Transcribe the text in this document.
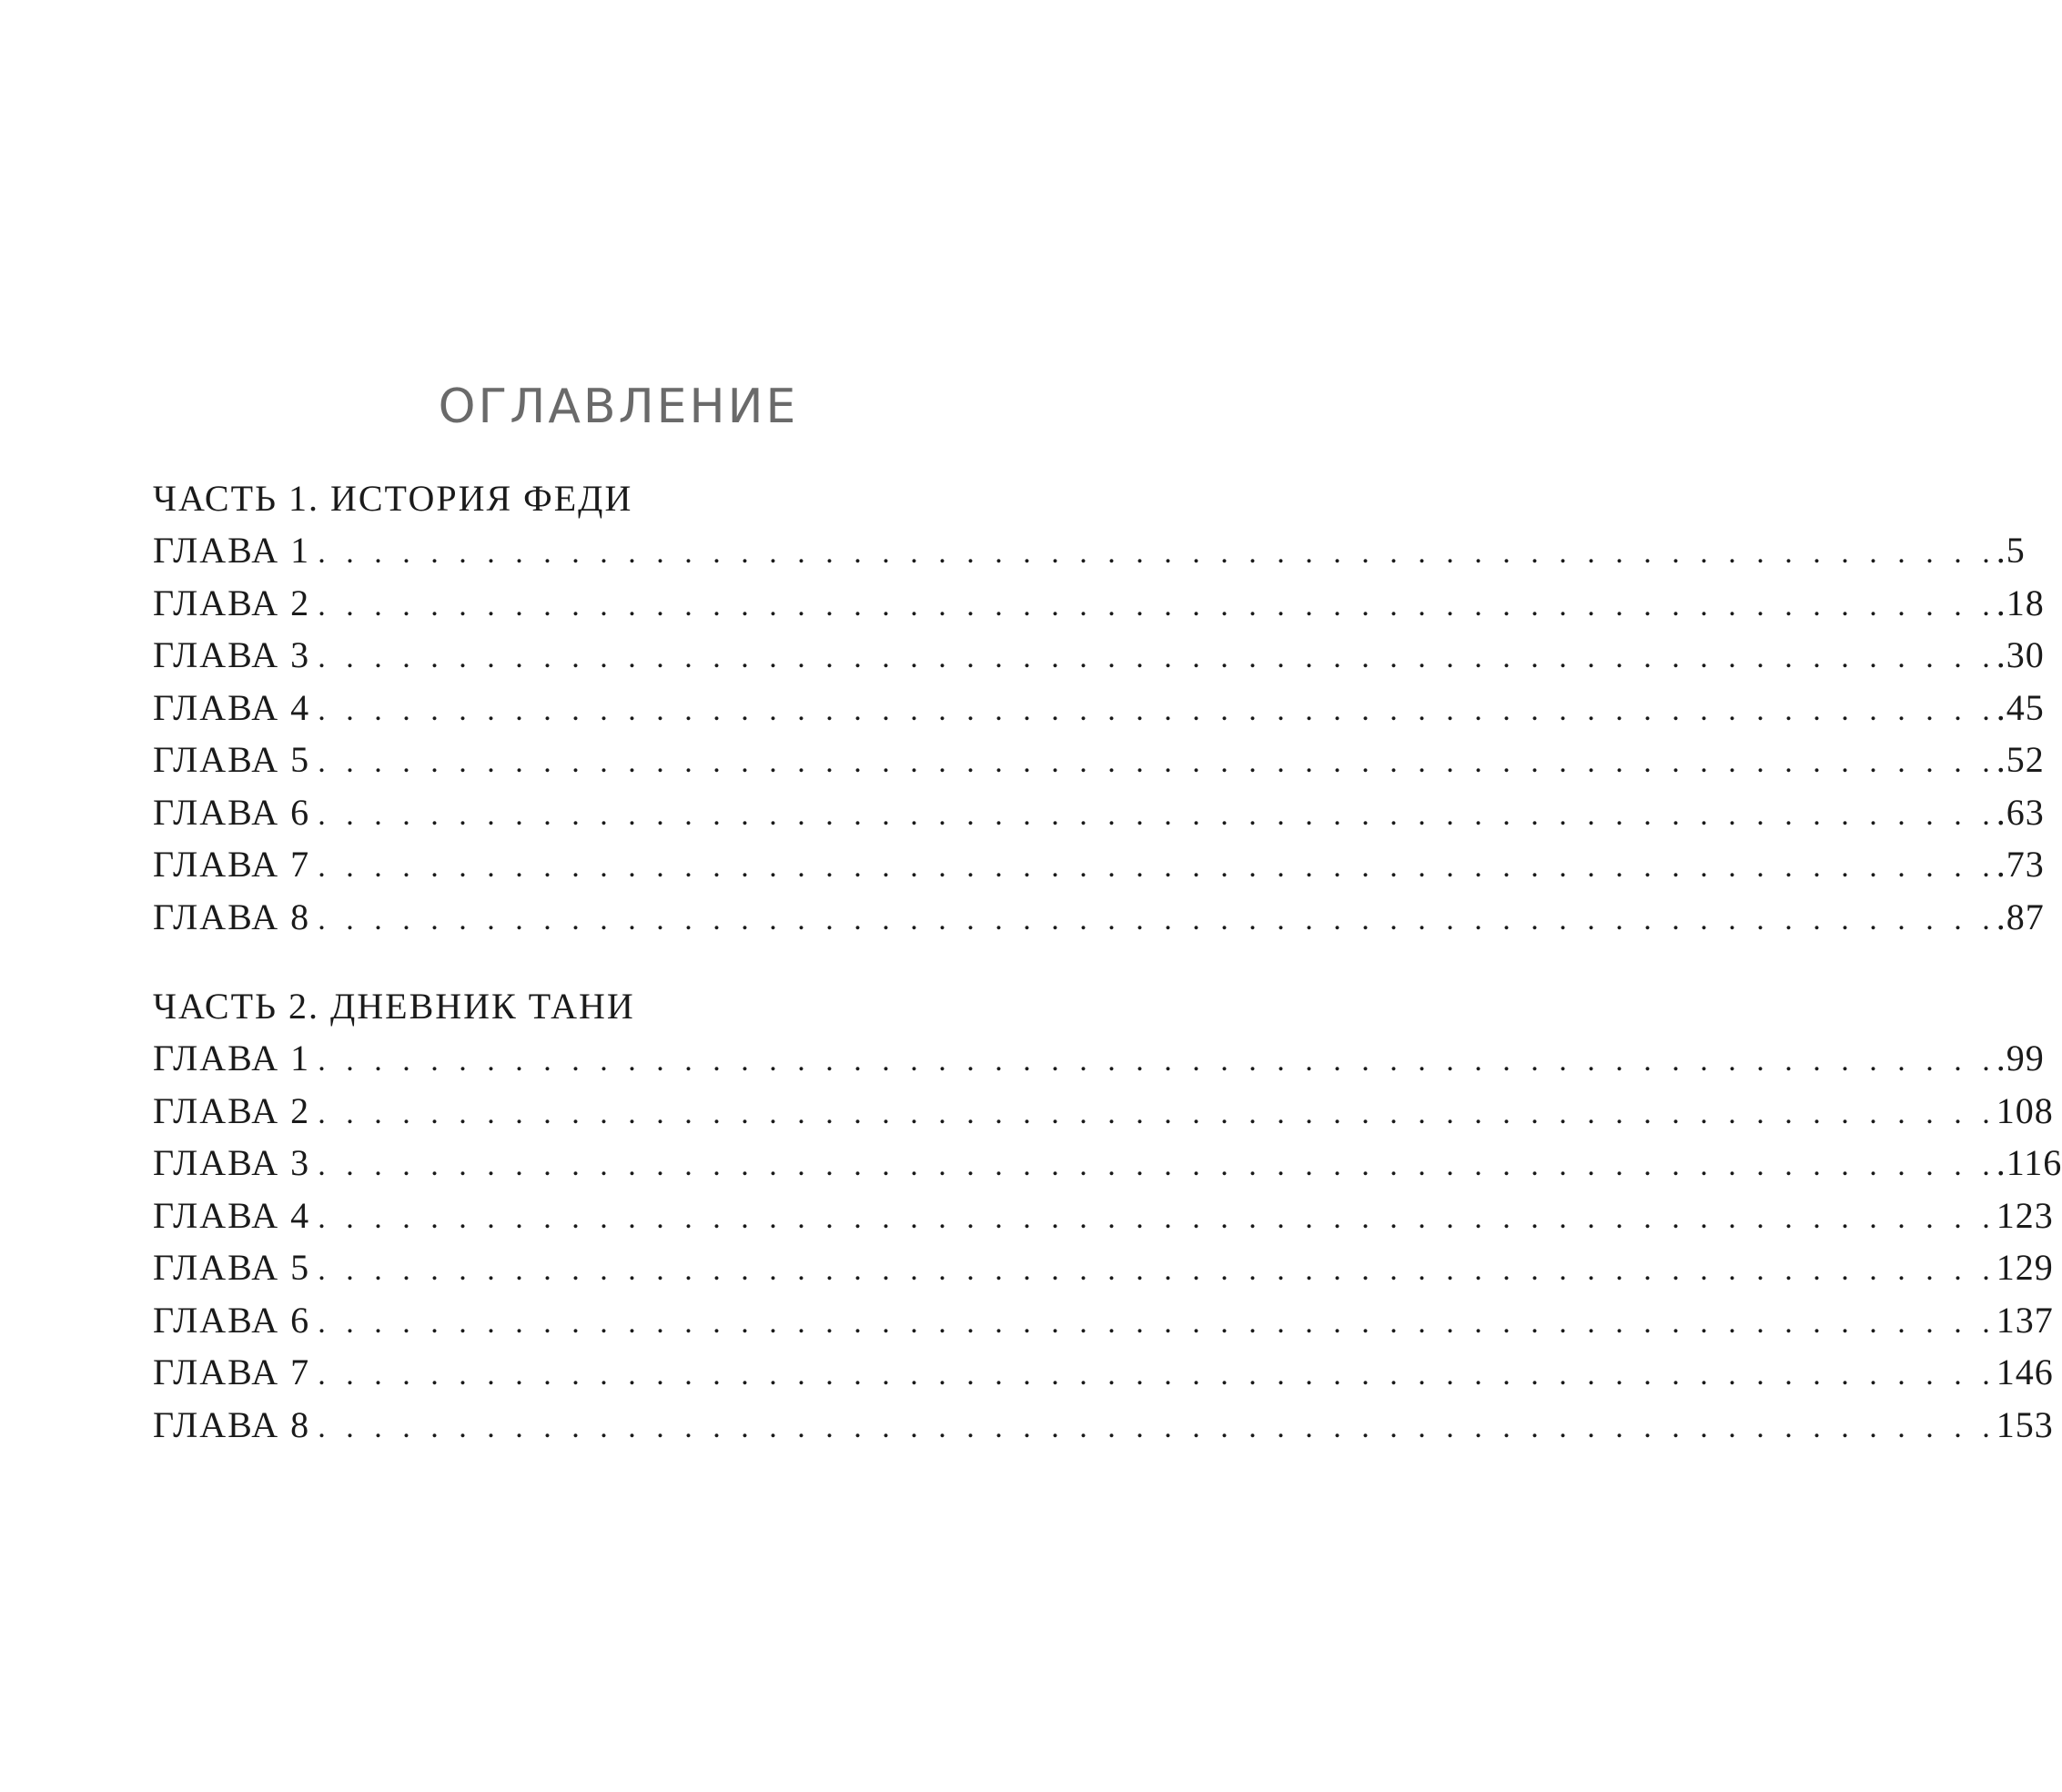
ОГЛАВЛЕНИЕ
ЧАСТЬ 1. ИСТОРИЯ ФЕДИ
ГЛАВА 1 . . . . . . . . . . . . . . . . . . . . . . . . . . . . . . . . . . . . . . . . . . . . . . . . . . . . . . . . . . . . .5
ГЛАВА 2 . . . . . . . . . . . . . . . . . . . . . . . . . . . . . . . . . . . . . . . . . . . . . . . . . . . . . . . . . . . . .18
ГЛАВА 3 . . . . . . . . . . . . . . . . . . . . . . . . . . . . . . . . . . . . . . . . . . . . . . . . . . . . . . . . . . . . .30
ГЛАВА 4 . . . . . . . . . . . . . . . . . . . . . . . . . . . . . . . . . . . . . . . . . . . . . . . . . . . . . . . . . . . . .45
ГЛАВА 5 . . . . . . . . . . . . . . . . . . . . . . . . . . . . . . . . . . . . . . . . . . . . . . . . . . . . . . . . . . . . .52
ГЛАВА 6 . . . . . . . . . . . . . . . . . . . . . . . . . . . . . . . . . . . . . . . . . . . . . . . . . . . . . . . . . . . . .63
ГЛАВА 7 . . . . . . . . . . . . . . . . . . . . . . . . . . . . . . . . . . . . . . . . . . . . . . . . . . . . . . . . . . . . .73
ГЛАВА 8 . . . . . . . . . . . . . . . . . . . . . . . . . . . . . . . . . . . . . . . . . . . . . . . . . . . . . . . . . . . . .87
ЧАСТЬ 2. ДНЕВНИК ТАНИ
ГЛАВА 1 . . . . . . . . . . . . . . . . . . . . . . . . . . . . . . . . . . . . . . . . . . . . . . . . . . . . . . . . . . . . .99
ГЛАВА 2 . . . . . . . . . . . . . . . . . . . . . . . . . . . . . . . . . . . . . . . . . . . . . . . . . . . . . . . . . . . . 108
ГЛАВА 3 . . . . . . . . . . . . . . . . . . . . . . . . . . . . . . . . . . . . . . . . . . . . . . . . . . . . . . . . . . . . .116
ГЛАВА 4 . . . . . . . . . . . . . . . . . . . . . . . . . . . . . . . . . . . . . . . . . . . . . . . . . . . . . . . . . . . . 123
ГЛАВА 5 . . . . . . . . . . . . . . . . . . . . . . . . . . . . . . . . . . . . . . . . . . . . . . . . . . . . . . . . . . . . 129
ГЛАВА 6 . . . . . . . . . . . . . . . . . . . . . . . . . . . . . . . . . . . . . . . . . . . . . . . . . . . . . . . . . . . . 137
ГЛАВА 7 . . . . . . . . . . . . . . . . . . . . . . . . . . . . . . . . . . . . . . . . . . . . . . . . . . . . . . . . . . . . 146
ГЛАВА 8 . . . . . . . . . . . . . . . . . . . . . . . . . . . . . . . . . . . . . . . . . . . . . . . . . . . . . . . . . . . . 153
